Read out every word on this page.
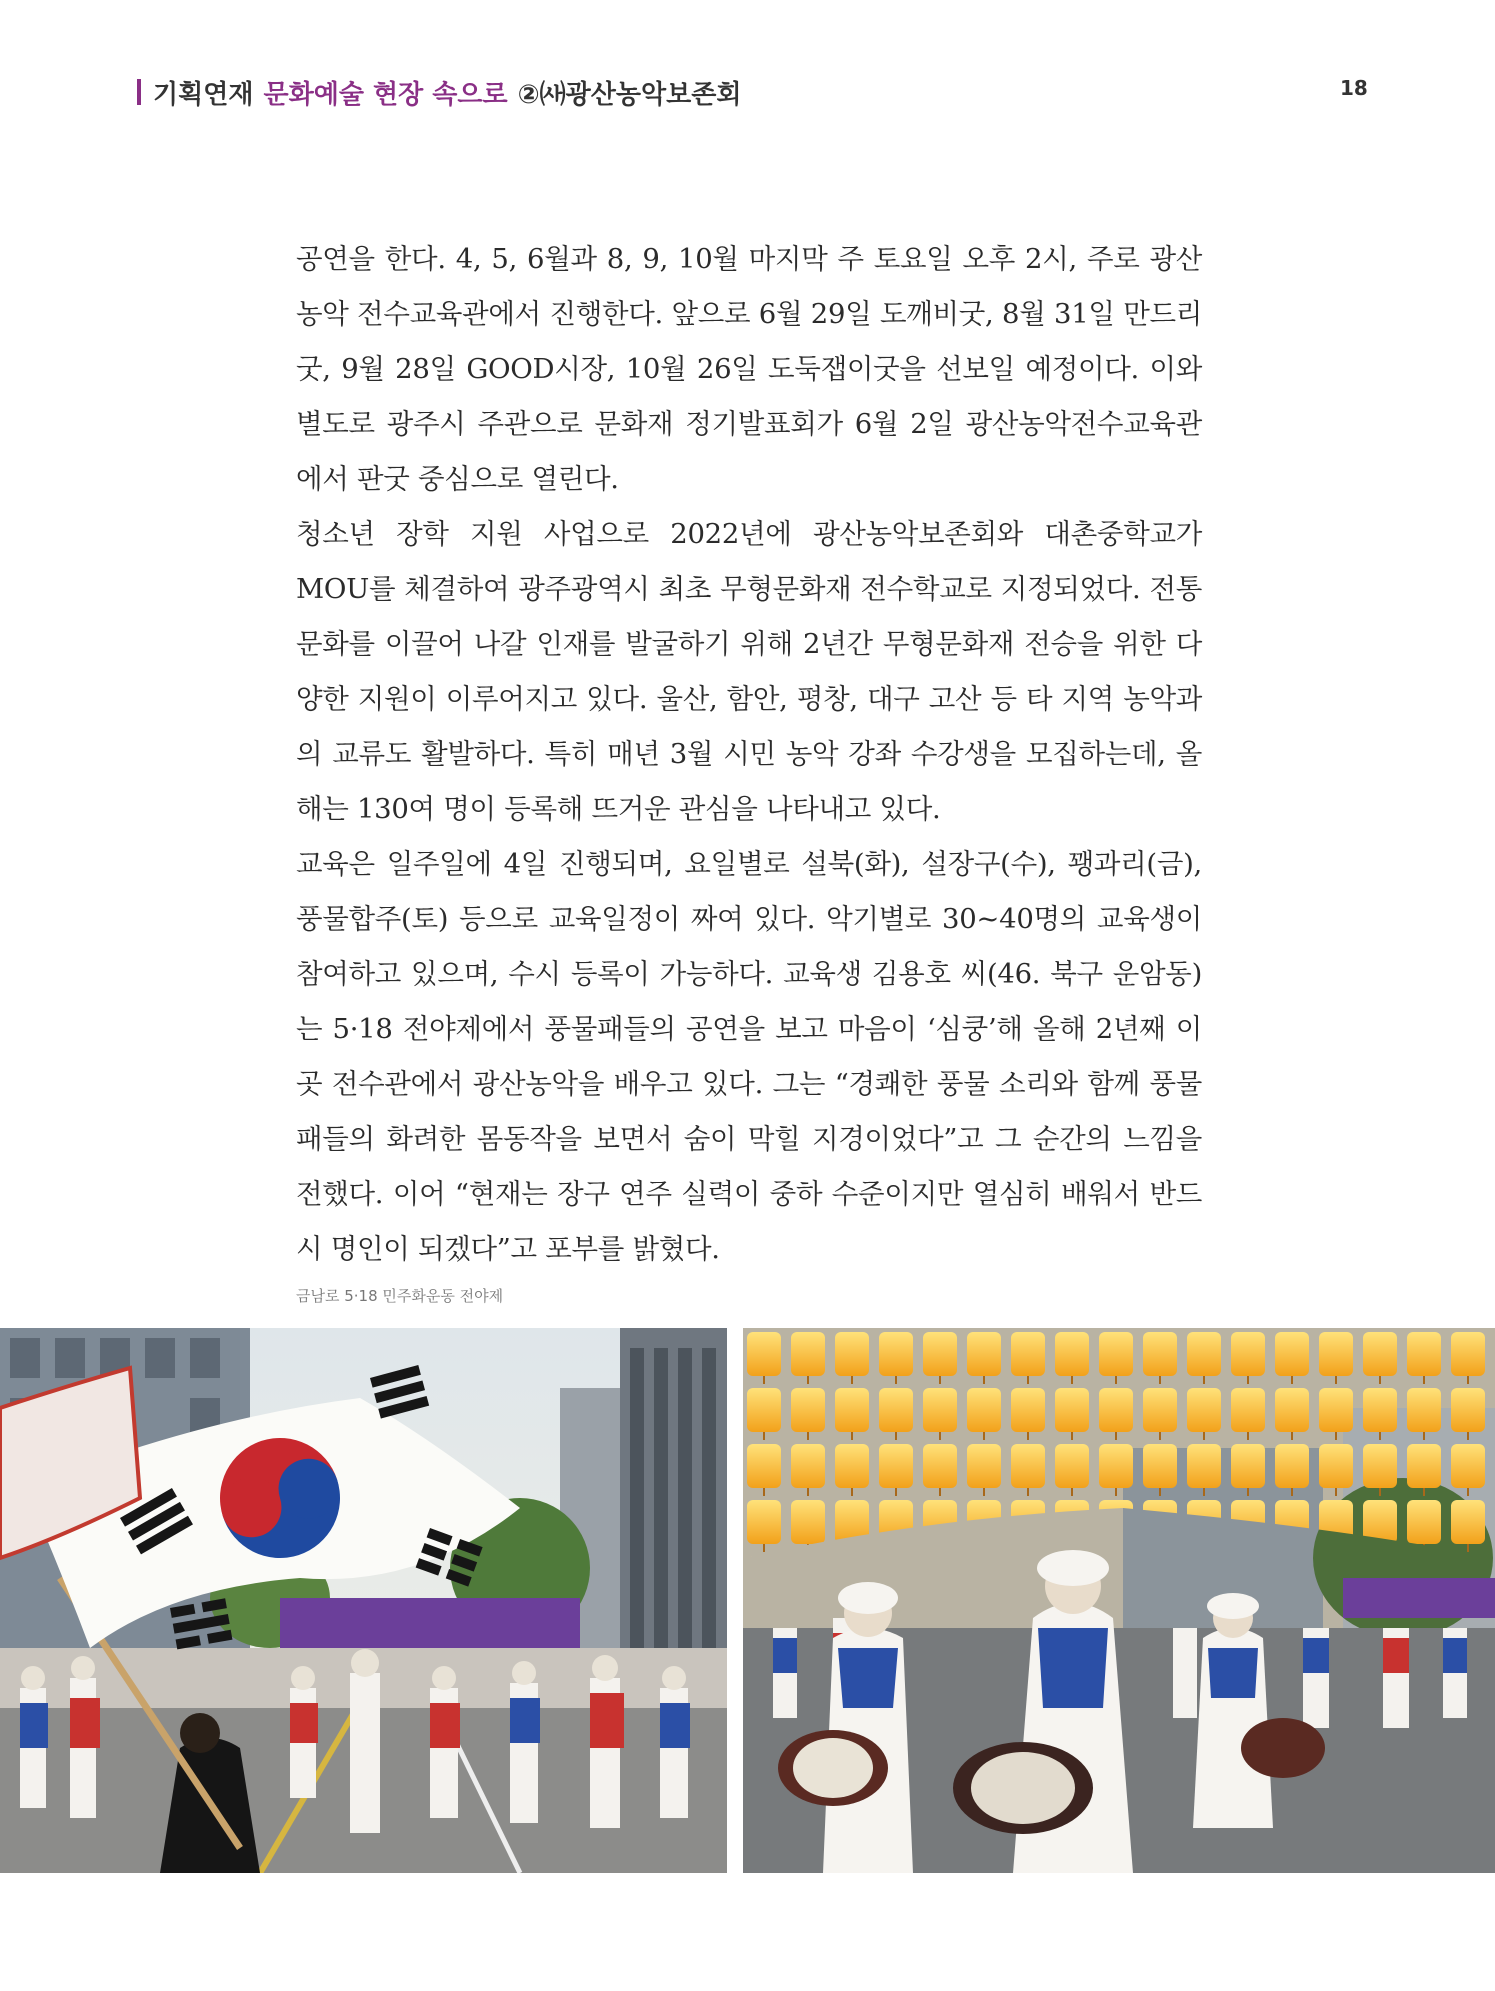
기획연재 문화예술 현장 속으로 ②㈔광산농악보존회	18

공연을 한다. 4, 5, 6월과 8, 9, 10월 마지막 주 토요일 오후 2시, 주로 광산농악 전수교육관에서 진행한다. 앞으로 6월 29일 도깨비굿, 8월 31일 만드리굿, 9월 28일 GOOD시장, 10월 26일 도둑잽이굿을 선보일 예정이다. 이와 별도로 광주시 주관으로 문화재 정기발표회가 6월 2일 광산농악전수교육관에서 판굿 중심으로 열린다.

청소년 장학 지원 사업으로 2022년에 광산농악보존회와 대촌중학교가 MOU를 체결하여 광주광역시 최초 무형문화재 전수학교로 지정되었다. 전통문화를 이끌어 나갈 인재를 발굴하기 위해 2년간 무형문화재 전승을 위한 다양한 지원이 이루어지고 있다. 울산, 함안, 평창, 대구 고산 등 타 지역 농악과의 교류도 활발하다. 특히 매년 3월 시민 농악 강좌 수강생을 모집하는데, 올해는 130여 명이 등록해 뜨거운 관심을 나타내고 있다.

교육은 일주일에 4일 진행되며, 요일별로 설북(화), 설장구(수), 꽹과리(금), 풍물합주(토) 등으로 교육일정이 짜여 있다. 악기별로 30~40명의 교육생이 참여하고 있으며, 수시 등록이 가능하다. 교육생 김용호 씨(46. 북구 운암동)는 5·18 전야제에서 풍물패들의 공연을 보고 마음이 ‘심쿵’해 올해 2년째 이곳 전수관에서 광산농악을 배우고 있다. 그는 “경쾌한 풍물 소리와 함께 풍물패들의 화려한 몸동작을 보면서 숨이 막힐 지경이었다”고 그 순간의 느낌을 전했다. 이어 “현재는 장구 연주 실력이 중하 수준이지만 열심히 배워서 반드시 명인이 되겠다”고 포부를 밝혔다.

금남로 5·18 민주화운동 전야제
